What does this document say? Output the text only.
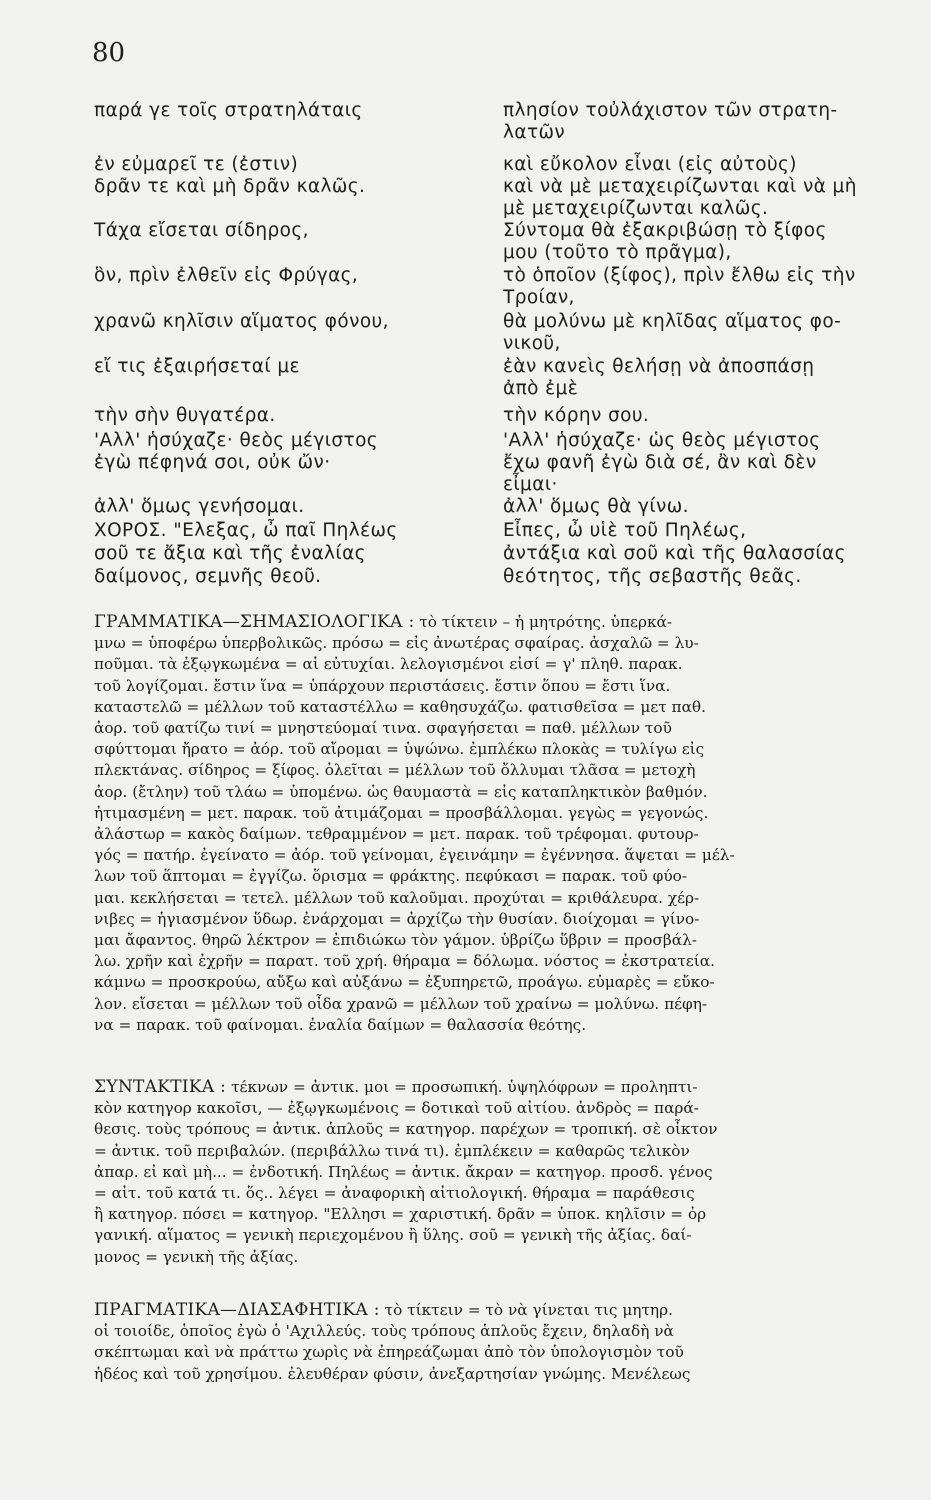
80

παρά γε τοῖς στρατηλάταις

ἐν εὐμαρεῖ τε (ἐστιν)

δρᾶν τε καὶ μὴ δρᾶν καλῶς.

Τάχα εἴσεται σίδηρος,

ὃν, πρὶν ἐλθεῖν εἰς Φρύγας,

χρανῶ κηλῖσιν αἵματος φόνου,

εἴ τις ἐξαιρήσεταί με

τὴν σὴν θυγατέρα.

'Αλλ' ἡσύχαζε· θεὸς μέγιστος

ἐγὼ πέφηνά σοι, οὐκ ὤν·

ἀλλ' ὅμως γενήσομαι.

ΧΟΡΟΣ. "Ελεξας, ὦ παῖ Πηλέως

σοῦ τε ἄξια καὶ τῆς ἐναλίας

δαίμονος, σεμνῆς θεοῦ.

πλησίον τοὐλάχιστον τῶν στρατη-

λατῶν

καὶ εὔκολον εἶναι (εἰς αὐτοὺς)

καὶ νὰ μὲ μεταχειρίζωνται καὶ νὰ μὴ

μὲ μεταχειρίζωνται καλῶς.

Σύντομα θὰ ἐξακριβώσῃ τὸ ξίφος

μου (τοῦτο τὸ πρᾶγμα),

τὸ ὁποῖον (ξίφος), πρὶν ἔλθω εἰς τὴν

Τροίαν,

θὰ μολύνω μὲ κηλῖδας αἵματος φο-

νικοῦ,

ἐὰν κανεὶς θελήσῃ νὰ ἀποσπάσῃ

ἀπὸ ἐμὲ

τὴν κόρην σου.

'Αλλ' ἡσύχαζε· ὡς θεὸς μέγιστος

ἔχω φανῆ ἐγὼ διὰ σέ, ἂν καὶ δὲν

εἶμαι·

ἀλλ' ὅμως θὰ γίνω.

Εἶπες, ὦ υἱὲ τοῦ Πηλέως,

ἀντάξια καὶ σοῦ καὶ τῆς θαλασσίας

θεότητος, τῆς σεβαστῆς θεᾶς.

ΓΡΑΜΜΑΤΙΚΑ—ΣΗΜΑΣΙΟΛΟΓΙΚΑ : τὸ τίκτειν – ἡ μητρότης. ὑπερκά-
μνω = ὑποφέρω ὑπερβολικῶς. πρόσω = εἰς ἀνωτέρας σφαίρας. ἀσχαλῶ = λυ-
ποῦμαι. τὰ ἐξῳγκωμένα = αἱ εὐτυχίαι. λελογισμένοι εἰσί = γ' πληθ. παρακ.
τοῦ λογίζομαι. ἔστιν ἵνα = ὑπάρχουν περιστάσεις. ἔστιν ὅπου = ἔστι ἵνα.
καταστελῶ = μέλλων τοῦ καταστέλλω = καθησυχάζω. φατισθεῖσα = μετ παθ.
ἀορ. τοῦ φατίζω τινί = μνηστεύομαί τινα. σφαγήσεται = παθ. μέλλων τοῦ
σφύττομαι ἤρατο = ἀόρ. τοῦ αἴρομαι = ὑψώνω. ἐμπλέκω πλοκὰς = τυλίγω εἰς
πλεκτάνας. σίδηρος = ξίφος. ὀλεῖται = μέλλων τοῦ ὄλλυμαι τλᾶσα = μετοχὴ
ἀορ. (ἔτλην) τοῦ τλάω = ὑπομένω. ὡς θαυμαστὰ = εἰς καταπληκτικὸν βαθμόν.
ἠτιμασμένη = μετ. παρακ. τοῦ ἀτιμάζομαι = προσβάλλομαι. γεγὼς = γεγονώς.
ἀλάστωρ = κακὸς δαίμων. τεθραμμένον = μετ. παρακ. τοῦ τρέφομαι. φυτουρ-
γός = πατήρ. ἐγείνατο = ἀόρ. τοῦ γείνομαι, ἐγεινάμην = ἐγέννησα. ἅψεται = μέλ-
λων τοῦ ἅπτομαι = ἐγγίζω. ὅρισμα = φράκτης. πεφύκασι = παρακ. τοῦ φύο-
μαι. κεκλήσεται = τετελ. μέλλων τοῦ καλοῦμαι. προχύται = κριθάλευρα. χέρ-
νιβες = ἡγιασμένον ὕδωρ. ἐνάρχομαι = ἀρχίζω τὴν θυσίαν. διοίχομαι = γίνο-
μαι ἄφαντος. θηρῶ λέκτρον = ἐπιδιώκω τὸν γάμον. ὑβρίζω ὕβριν = προσβάλ-
λω. χρῆν καὶ ἐχρῆν = παρατ. τοῦ χρή. θήραμα = δόλωμα. νόστος = ἐκστρατεία.
κάμνω = προσκρούω, αὔξω καὶ αὐξάνω = ἐξυπηρετῶ, προάγω. εὐμαρὲς = εὔκο-
λον. εἴσεται = μέλλων τοῦ οἶδα χρανῶ = μέλλων τοῦ χραίνω = μολύνω. πέφη-
να = παρακ. τοῦ φαίνομαι. ἐναλία δαίμων = θαλασσία θεότης.
ΣΥΝΤΑΚΤΙΚΑ : τέκνων = ἀντικ. μοι = προσωπική. ὑψηλόφρων = προληπτι-
κὸν κατηγορ κακοῖσι, — ἐξῳγκωμένοις = δοτικαὶ τοῦ αἰτίου. ἀνδρὸς = παρά-
θεσις. τοὺς τρόπους = ἀντικ. ἁπλοῦς = κατηγορ. παρέχων = τροπική. σὲ οἶκτον
= ἀντικ. τοῦ περιβαλών. (περιβάλλω τινά τι). ἐμπλέκειν = καθαρῶς τελικὸν
ἀπαρ. εἰ καὶ μὴ... = ἐνδοτική. Πηλέως = ἀντικ. ἄκραν = κατηγορ. προσδ. γένος
= αἰτ. τοῦ κατά τι. ὅς.. λέγει = ἀναφορικὴ αἰτιολογική. θήραμα = παράθεσις
ἢ κατηγορ. πόσει = κατηγορ. "Ελλησι = χαριστική. δρᾶν = ὑποκ. κηλῖσιν = ὀρ
γανική. αἵματος = γενικὴ περιεχομένου ἢ ὕλης. σοῦ = γενικὴ τῆς ἀξίας. δαί-
μονος = γενικὴ τῆς ἀξίας.
ΠΡΑΓΜΑΤΙΚΑ—ΔΙΑΣΑΦΗΤΙΚΑ : τὸ τίκτειν = τὸ νὰ γίνεται τις μητηρ.
οἱ τοιοίδε, ὁποῖος ἐγὼ ὁ 'Αχιλλεύς. τοὺς τρόπους ἁπλοῦς ἔχειν, δηλαδὴ νὰ
σκέπτωμαι καὶ νὰ πράττω χωρὶς νὰ ἐπηρεάζωμαι ἀπὸ τὸν ὑπολογισμὸν τοῦ
ἡδέος καὶ τοῦ χρησίμου. ἐλευθέραν φύσιν, ἀνεξαρτησίαν γνώμης. Μενέλεως
